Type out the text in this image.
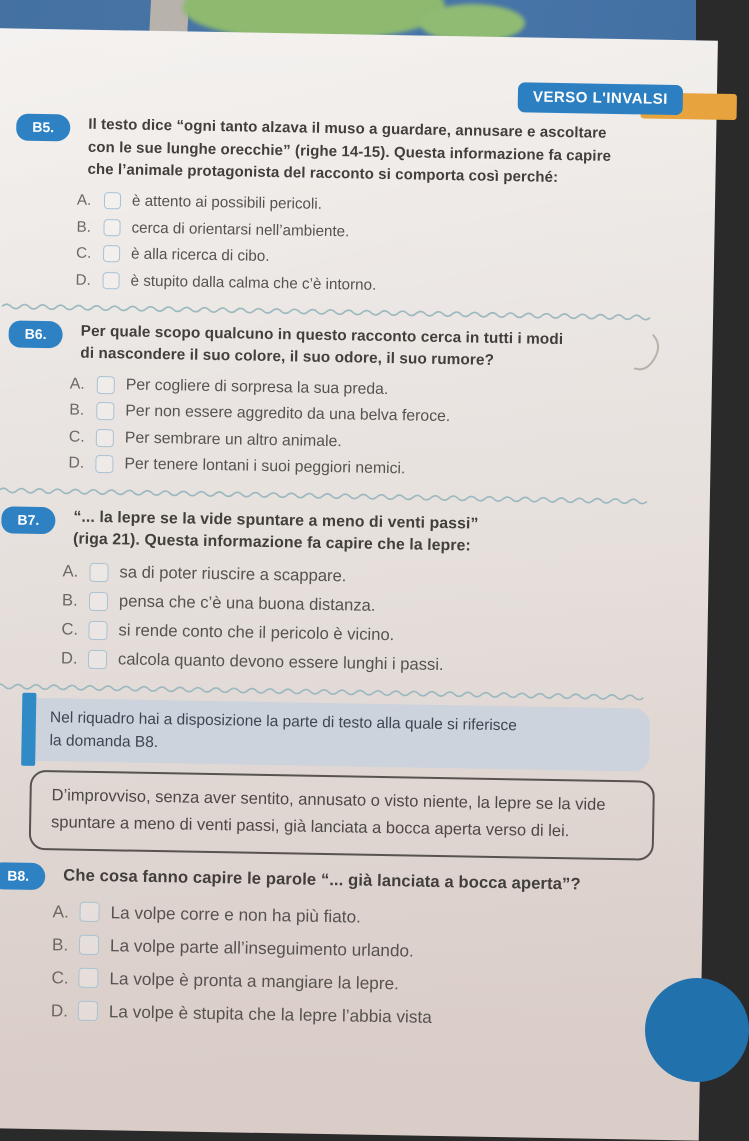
VERSO L'INVALSI
B5.	Il testo dice “ogni tanto alzava il muso a guardare, annusare e ascoltare
con le sue lunghe orecchie” (righe 14-15). Questa informazione fa capire
che l’animale protagonista del racconto si comporta così perché:

A.	è attento ai possibili pericoli.
B.	cerca di orientarsi nell’ambiente.
C.	è alla ricerca di cibo.
D.	è stupito dalla calma che c’è intorno.
B6.	Per quale scopo qualcuno in questo racconto cerca in tutti i modi
di nascondere il suo colore, il suo odore, il suo rumore?

A.	Per cogliere di sorpresa la sua preda.
B.	Per non essere aggredito da una belva feroce.
C.	Per sembrare un altro animale.
D.	Per tenere lontani i suoi peggiori nemici.
B7.	“... la lepre se la vide spuntare a meno di venti passi”
(riga 21). Questa informazione fa capire che la lepre:

A.	sa di poter riuscire a scappare.
B.	pensa che c’è una buona distanza.
C.	si rende conto che il pericolo è vicino.
D.	calcola quanto devono essere lunghi i passi.

Nel riquadro hai a disposizione la parte di testo alla quale si riferisce
la domanda B8.

D’improvviso, senza aver sentito, annusato o visto niente, la lepre se la vide
spuntare a meno di venti passi, già lanciata a bocca aperta verso di lei.

B8.	Che cosa fanno capire le parole “... già lanciata a bocca aperta”?

A.	La volpe corre e non ha più fiato.
B.	La volpe parte all’inseguimento urlando.
C.	La volpe è pronta a mangiare la lepre.
D.	La volpe è stupita che la lepre l’abbia vista
